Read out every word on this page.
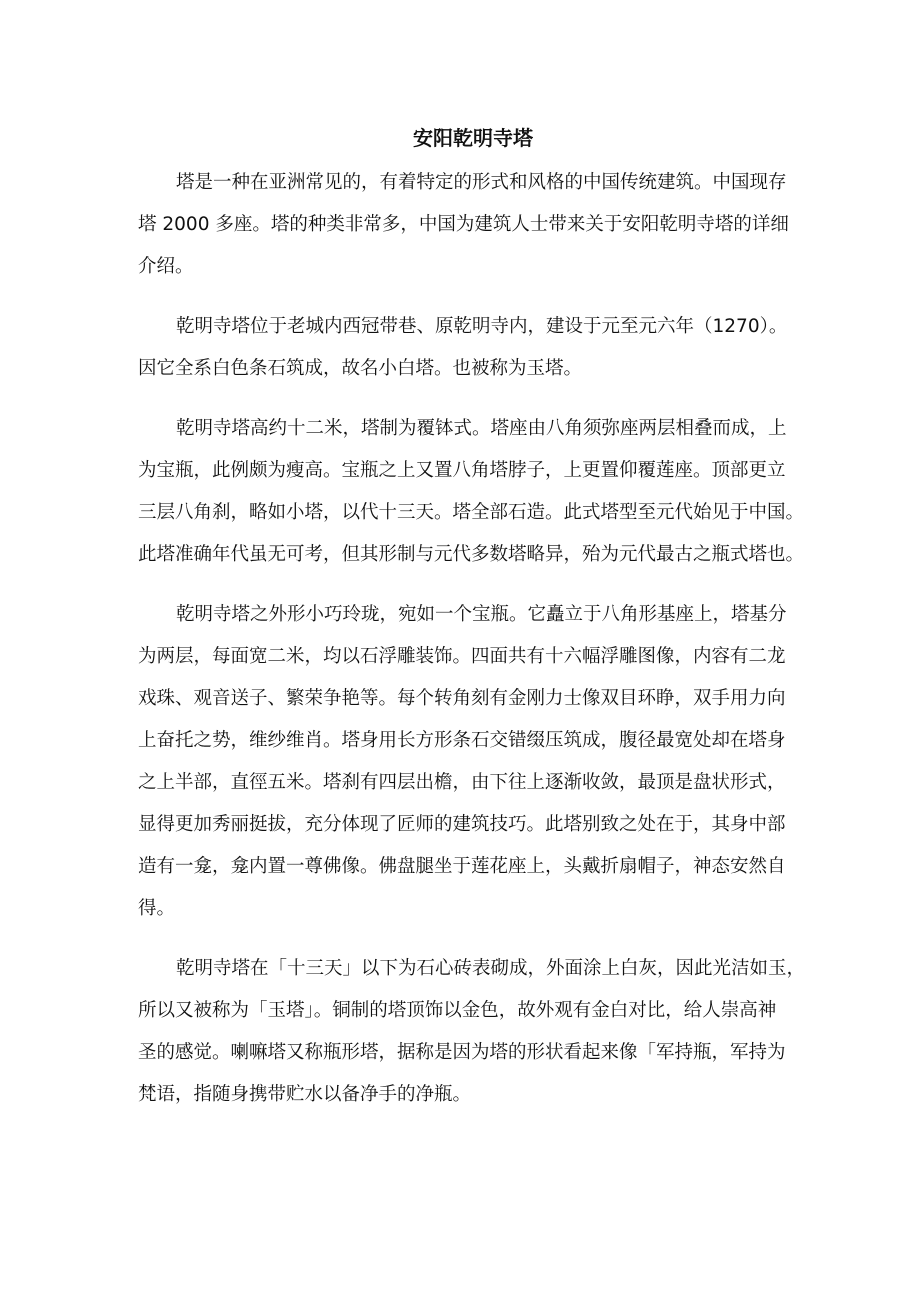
安阳乾明寺塔

塔是一种在亚洲常见的，有着特定的形式和风格的中国传统建筑。中国现存
塔 2000 多座。塔的种类非常多，中国为建筑人士带来关于安阳乾明寺塔的详细
介绍。

乾明寺塔位于老城内西冠带巷、原乾明寺内，建设于元至元六年（1270）。
因它全系白色条石筑成，故名小白塔。也被称为玉塔。

乾明寺塔高约十二米，塔制为覆钵式。塔座由八角须弥座两层相叠而成，上
为宝瓶，此例颇为瘦高。宝瓶之上又置八角塔脖子，上更置仰覆莲座。顶部更立
三层八角刹，略如小塔，以代十三天。塔全部石造。此式塔型至元代始见于中国。
此塔准确年代虽无可考，但其形制与元代多数塔略异，殆为元代最古之瓶式塔也。

乾明寺塔之外形小巧玲珑，宛如一个宝瓶。它矗立于八角形基座上，塔基分
为两层，每面宽二米，均以石浮雕装饰。四面共有十六幅浮雕图像，内容有二龙
戏珠、观音送子、繁荣争艳等。每个转角刻有金刚力士像双目环睁，双手用力向
上奋托之势，维纱维肖。塔身用长方形条石交错缀压筑成，腹径最宽处却在塔身
之上半部，直徑五米。塔刹有四层出檐，由下往上逐渐收敛，最顶是盘状形式，
显得更加秀丽挺拔，充分体现了匠师的建筑技巧。此塔别致之处在于，其身中部
造有一龛，龛内置一尊佛像。佛盘腿坐于莲花座上，头戴折扇帽子，神态安然自
得。

乾明寺塔在「十三天」以下为石心砖表砌成，外面涂上白灰，因此光洁如玉，
所以又被称为「玉塔」。铜制的塔顶饰以金色，故外观有金白对比，给人崇高神
圣的感觉。喇嘛塔又称瓶形塔，据称是因为塔的形状看起来像「军持瓶，军持为
梵语，指随身携带贮水以备净手的净瓶。
